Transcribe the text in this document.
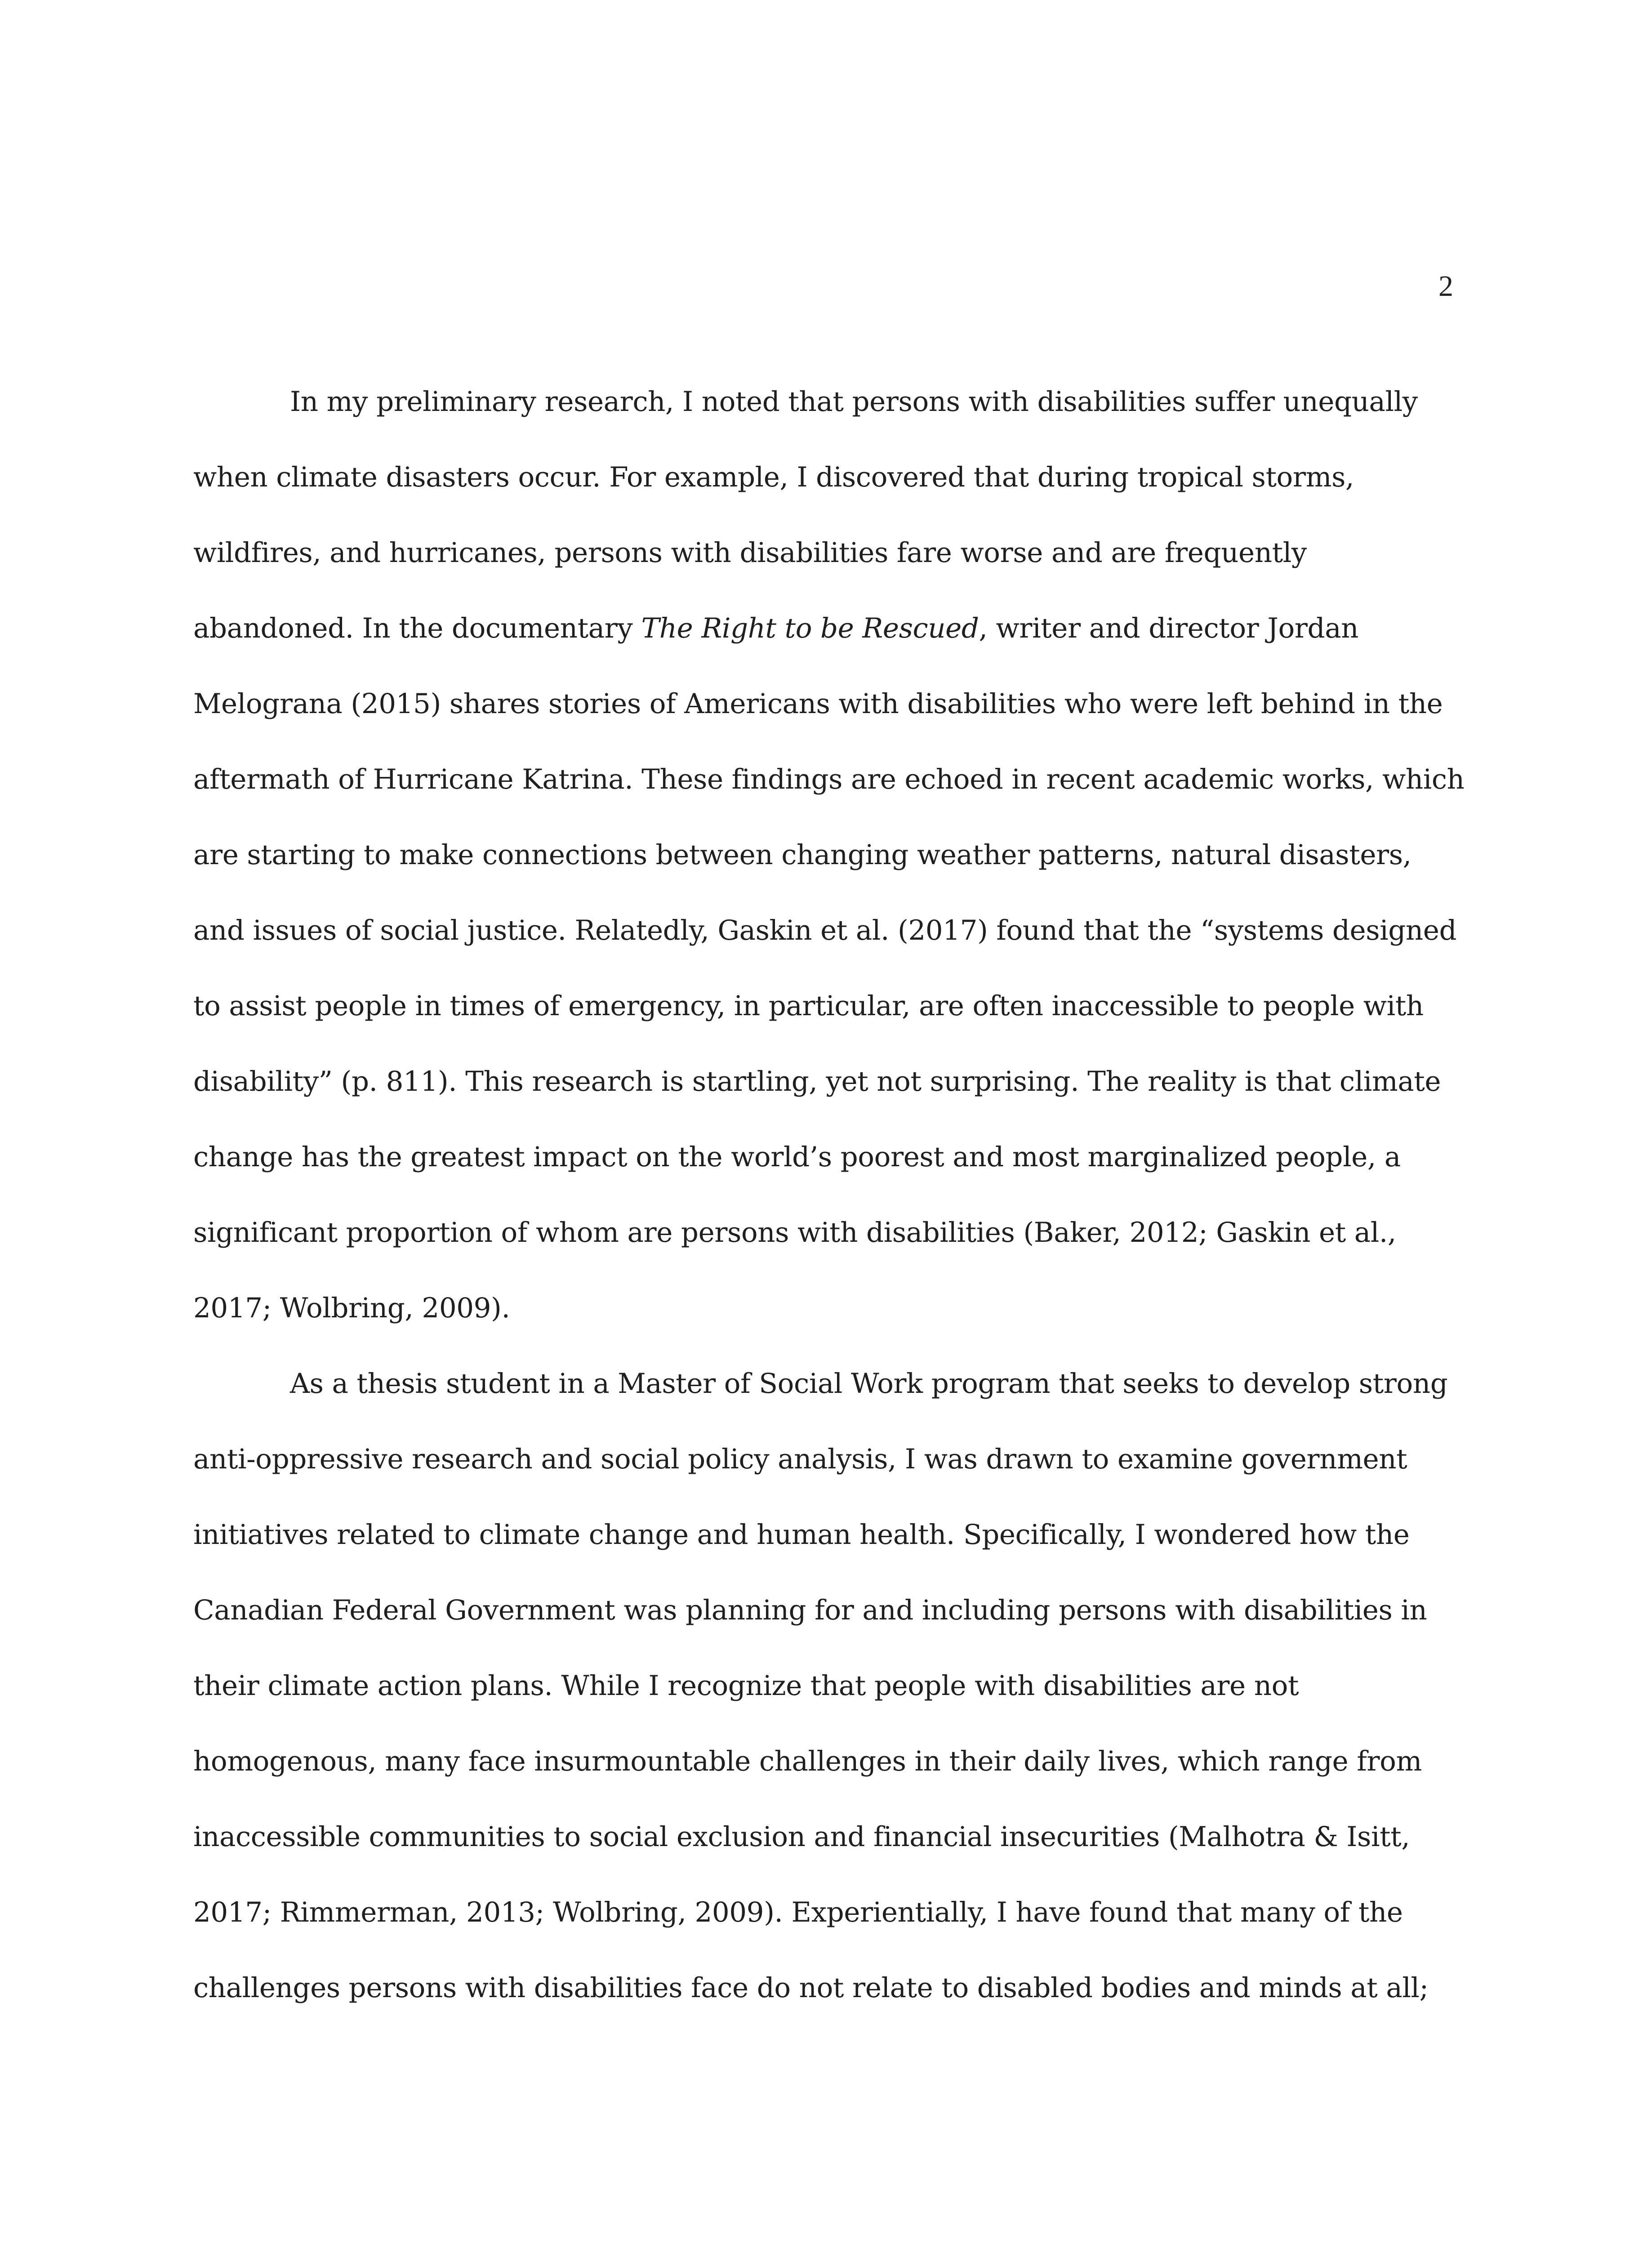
2
In my preliminary research, I noted that persons with disabilities suffer unequally
when climate disasters occur. For example, I discovered that during tropical storms,
wildfires, and hurricanes, persons with disabilities fare worse and are frequently
abandoned. In the documentary The Right to be Rescued, writer and director Jordan
Melograna (2015) shares stories of Americans with disabilities who were left behind in the
aftermath of Hurricane Katrina. These findings are echoed in recent academic works, which
are starting to make connections between changing weather patterns, natural disasters,
and issues of social justice. Relatedly, Gaskin et al. (2017) found that the “systems designed
to assist people in times of emergency, in particular, are often inaccessible to people with
disability” (p. 811). This research is startling, yet not surprising. The reality is that climate
change has the greatest impact on the world’s poorest and most marginalized people, a
significant proportion of whom are persons with disabilities (Baker, 2012; Gaskin et al.,
2017; Wolbring, 2009).
As a thesis student in a Master of Social Work program that seeks to develop strong
anti-oppressive research and social policy analysis, I was drawn to examine government
initiatives related to climate change and human health. Specifically, I wondered how the
Canadian Federal Government was planning for and including persons with disabilities in
their climate action plans. While I recognize that people with disabilities are not
homogenous, many face insurmountable challenges in their daily lives, which range from
inaccessible communities to social exclusion and financial insecurities (Malhotra & Isitt,
2017; Rimmerman, 2013; Wolbring, 2009). Experientially, I have found that many of the
challenges persons with disabilities face do not relate to disabled bodies and minds at all;
